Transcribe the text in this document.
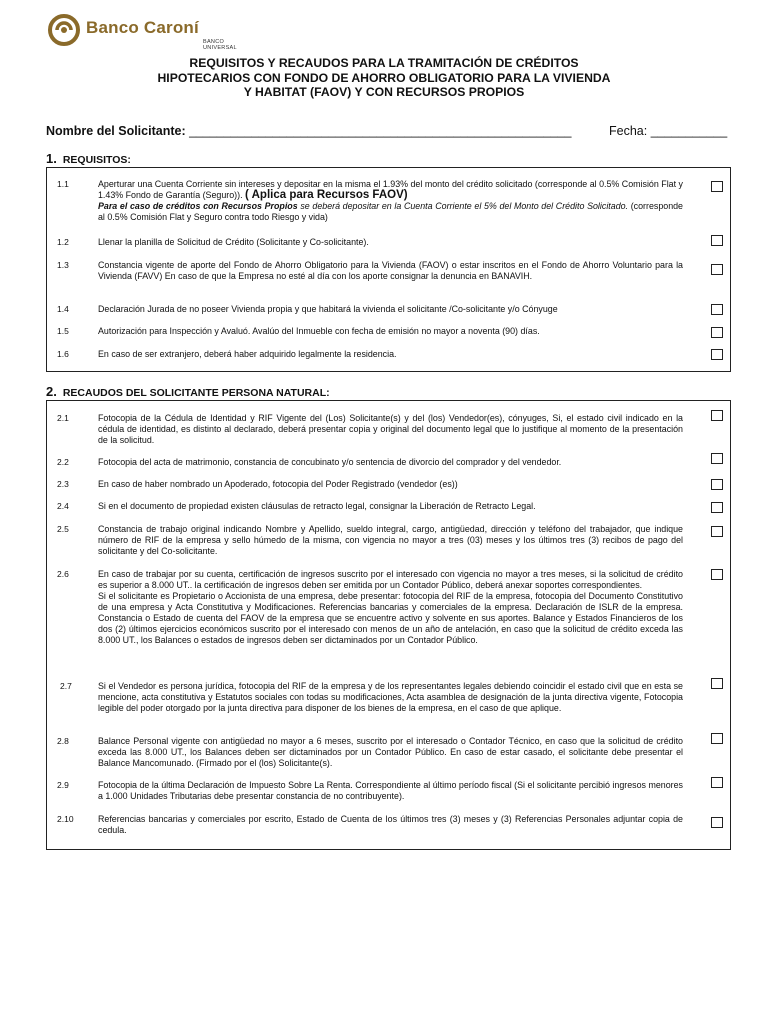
Banco Caroní
BANCO UNIVERSAL
REQUISITOS Y RECAUDOS PARA LA TRAMITACIÓN DE CRÉDITOS
HIPOTECARIOS CON FONDO DE AHORRO OBLIGATORIO PARA LA VIVIENDA
Y HABITAT (FAOV) Y CON RECURSOS PROPIOS
Nombre del Solicitante: _______________________________________________________	Fecha: ___________
1. REQUISITOS:
1.1	Aperturar una Cuenta Corriente sin intereses y depositar en la misma el 1.93% del monto del crédito solicitado (corresponde al 0.5% Comisión Flat y 1.43% Fondo de Garantía (Seguro)). ( Aplica para Recursos FAOV)
Para el caso de créditos con Recursos Propios se deberá depositar en la Cuenta Corriente el 5% del Monto del Crédito Solicitado. (corresponde al 0.5% Comisión Flat y Seguro contra todo Riesgo y vida)
1.2	Llenar la planilla de Solicitud de Crédito (Solicitante y Co-solicitante).
1.3	Constancia vigente de aporte del Fondo de Ahorro Obligatorio para la Vivienda (FAOV) o estar inscritos en el Fondo de Ahorro Voluntario para la Vivienda (FAVV) En caso de que la Empresa no esté al día con los aporte consignar la denuncia en BANAVIH.
1.4	Declaración Jurada de no poseer Vivienda propia y que habitará la vivienda el solicitante /Co-solicitante y/o Cónyuge
1.5	Autorización para Inspección y Avaluó. Avalúo del Inmueble con fecha de emisión no mayor a noventa (90) días.
1.6	En caso de ser extranjero, deberá haber adquirido legalmente la residencia.
2. RECAUDOS DEL SOLICITANTE PERSONA NATURAL:
2.1	Fotocopia de la Cédula de Identidad y RIF Vigente del (Los) Solicitante(s) y del (los) Vendedor(es), cónyuges, Si, el estado civil indicado en la cédula de identidad, es distinto al declarado, deberá presentar copia y original del documento legal que lo justifique al momento de la presentación de la solicitud.
2.2	Fotocopia del acta de matrimonio, constancia de concubinato y/o sentencia de divorcio del comprador y del vendedor.
2.3	En caso de haber nombrado un Apoderado, fotocopia del Poder Registrado (vendedor (es))
2.4	Si en el documento de propiedad existen cláusulas de retracto legal, consignar la Liberación de Retracto Legal.
2.5	Constancia de trabajo original indicando Nombre y Apellido, sueldo integral, cargo, antigüedad, dirección y teléfono del trabajador, que indique número de RIF de la empresa y sello húmedo de la misma, con vigencia no mayor a tres (03) meses y los últimos tres (3) recibos de pago del solicitante y del Co-solicitante.
2.6	En caso de trabajar por su cuenta, certificación de ingresos suscrito por el interesado con vigencia no mayor a tres meses, si la solicitud de crédito es superior a 8.000 UT.. la certificación de ingresos deben ser emitida por un Contador Público, deberá anexar soportes correspondientes.
Si el solicitante es Propietario o Accionista de una empresa, debe presentar: fotocopia del RIF de la empresa, fotocopia del Documento Constitutivo de una empresa y Acta Constitutiva y Modificaciones. Referencias bancarias y comerciales de la empresa. Declaración de ISLR de la empresa. Constancia o Estado de cuenta del FAOV de la empresa que se encuentre activo y solvente en sus aportes. Balance y Estados Financieros de los dos (2) últimos ejercicios económicos suscrito por el interesado con menos de un año de antelación, en caso que la solicitud de crédito exceda las 8.000 UT., los Balances o estados de ingresos deben ser dictaminados por un Contador Público.
2.7	Si el Vendedor es persona jurídica, fotocopia del RIF de la empresa y de los representantes legales debiendo coincidir el estado civil que en esta se mencione, acta constitutiva y Estatutos sociales con todas su modificaciones, Acta asamblea de designación de la junta directiva vigente, Fotocopia legible del poder otorgado por la junta directiva para disponer de los bienes de la empresa, en el caso de que aplique.
2.8	Balance Personal vigente con antigüedad no mayor a 6 meses, suscrito por el interesado o Contador Técnico, en caso que la solicitud de crédito exceda las 8.000 UT., los Balances deben ser dictaminados por un Contador Público. En caso de estar casado, el solicitante debe presentar el Balance Mancomunado. (Firmado por el (los) Solicitante(s).
2.9	Fotocopia de la última Declaración de Impuesto Sobre La Renta. Correspondiente al último período fiscal (Si el solicitante percibió ingresos menores a 1.000 Unidades Tributarias debe presentar constancia de no contribuyente).
2.10	Referencias bancarias y comerciales por escrito, Estado de Cuenta de los últimos tres (3) meses y (3) Referencias Personales adjuntar copia de cedula.
